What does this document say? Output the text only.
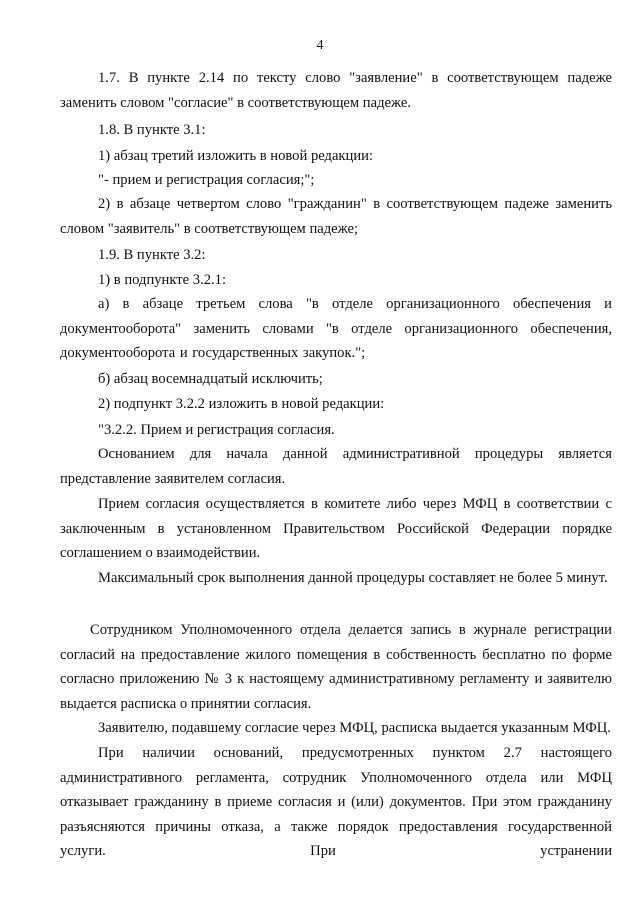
4

1.7. В пункте 2.14 по тексту слово "заявление" в соответствующем падеже заменить словом "согласие" в соответствующем падеже.

1.8. В пункте 3.1:

1) абзац третий изложить в новой редакции:

"- прием и регистрация согласия;";

2) в абзаце четвертом слово "гражданин" в соответствующем падеже заменить словом "заявитель" в соответствующем падеже;

1.9. В пункте 3.2:

1) в подпункте 3.2.1:

а) в абзаце третьем слова "в отделе организационного обеспечения и документооборота" заменить словами "в отделе организационного обеспечения, документооборота и государственных закупок.";

б) абзац восемнадцатый исключить;

2) подпункт 3.2.2 изложить в новой редакции:

"3.2.2. Прием и регистрация согласия.

Основанием для начала данной административной процедуры является представление заявителем согласия.

Прием согласия осуществляется в комитете либо через МФЦ в соответствии с заключенным в установленном Правительством Российской Федерации порядке соглашением о взаимодействии.

Максимальный срок выполнения данной процедуры составляет не более 5 минут.

Сотрудником Уполномоченного отдела делается запись в журнале регистрации согласий на предоставление жилого помещения в собственность бесплатно по форме согласно приложению № 3 к настоящему административному регламенту и заявителю выдается расписка о принятии согласия.

Заявителю, подавшему согласие через МФЦ, расписка выдается указанным МФЦ.

При наличии оснований, предусмотренных пунктом 2.7 настоящего административного регламента, сотрудник Уполномоченного отдела или МФЦ отказывает гражданину в приеме согласия и (или) документов. При этом гражданину разъясняются причины отказа, а также порядок предоставления государственной услуги. При устранении
